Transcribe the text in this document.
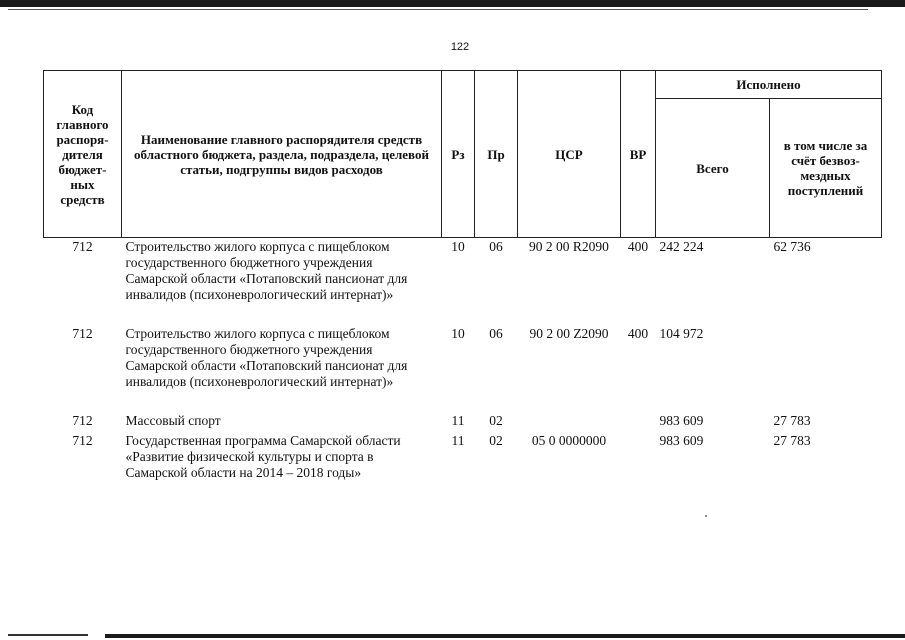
122
Код главного распоря-дителя бюджет-ных средств	Наименование главного распорядителя средств областного бюджета, раздела, подраздела, целевой статьи, подгруппы видов расходов	Рз	Пр	ЦСР	ВР	Исполнено	
						Всего	в том числе за счёт безвоз-мездных поступлений
712	Строительство жилого корпуса с пищеблоком государственного бюджетного учреждения Самарской области «Потаповский пансионат для инвалидов (психоневрологический интернат)»	10	06	90 2 00 R2090	400	242 224	62 736
712	Строительство жилого корпуса с пищеблоком государственного бюджетного учреждения Самарской области «Потаповский пансионат для инвалидов (психоневрологический интернат)»	10	06	90 2 00 Z2090	400	104 972	
712	Массовый спорт	11	02			983 609	27 783
712	Государственная программа Самарской области «Развитие физической культуры и спорта в Самарской области на 2014 – 2018 годы»	11	02	05 0 0000000		983 609	27 783
